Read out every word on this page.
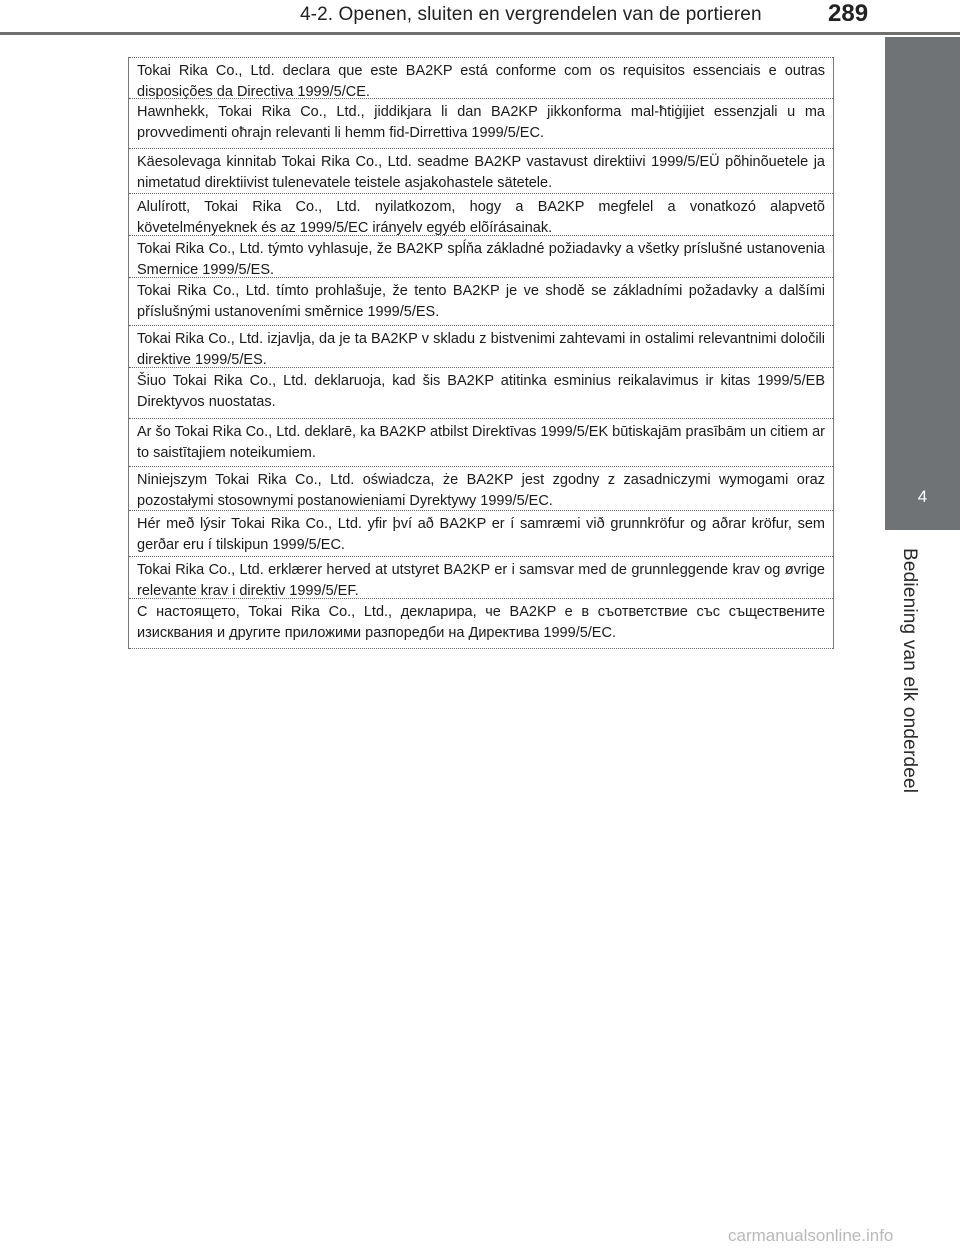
4-2. Openen, sluiten en vergrendelen van de portieren	289
4
Bediening van elk onderdeel
Tokai Rika Co., Ltd. declara que este BA2KP está conforme com os requisitos essenciais e outras disposições da Directiva 1999/5/CE.
Hawnhekk, Tokai Rika Co., Ltd., jiddikjara li dan BA2KP jikkonforma mal-ħtiġijiet essenzjali u ma provvedimenti oħrajn relevanti li hemm fid-Dirrettiva 1999/5/EC.
Käesolevaga kinnitab Tokai Rika Co., Ltd. seadme BA2KP vastavust direktiivi 1999/5/EÜ põhinõuetele ja nimetatud direktiivist tulenevatele teistele asjakohastele sätetele.
Alulírott, Tokai Rika Co., Ltd. nyilatkozom, hogy a BA2KP megfelel a vonatkozó alapvetõ követelményeknek és az 1999/5/EC irányelv egyéb elõírásainak.
Tokai Rika Co., Ltd. týmto vyhlasuje, že BA2KP spĺňa základné požiadavky a všetky príslušné ustanovenia Smernice 1999/5/ES.
Tokai Rika Co., Ltd. tímto prohlašuje, že tento BA2KP je ve shodě se základními požadavky a dalšími příslušnými ustanoveními směrnice 1999/5/ES.
Tokai Rika Co., Ltd. izjavlja, da je ta BA2KP v skladu z bistvenimi zahtevami in ostalimi relevantnimi določili direktive 1999/5/ES.
Šiuo Tokai Rika Co., Ltd. deklaruoja, kad šis BA2KP atitinka esminius reikalavimus ir kitas 1999/5/EB Direktyvos nuostatas.
Ar šo Tokai Rika Co., Ltd. deklarē, ka BA2KP atbilst Direktīvas 1999/5/EK būtiskajām prasībām un citiem ar to saistītajiem noteikumiem.
Niniejszym Tokai Rika Co., Ltd. oświadcza, że BA2KP jest zgodny z zasadniczymi wymogami oraz pozostałymi stosownymi postanowieniami Dyrektywy 1999/5/EC.
Hér með lýsir Tokai Rika Co., Ltd. yfir því að BA2KP er í samræmi við grunnkröfur og aðrar kröfur, sem gerðar eru í tilskipun 1999/5/EC.
Tokai Rika Co., Ltd. erklærer herved at utstyret BA2KP er i samsvar med de grunnleggende krav og øvrige relevante krav i direktiv 1999/5/EF.
С настоящето, Tokai Rika Co., Ltd., декларира, че BA2KP е в съответствие със съществените изисквания и другите приложими разпоредби на Директива 1999/5/ЕС.
carmanualsonline.info
